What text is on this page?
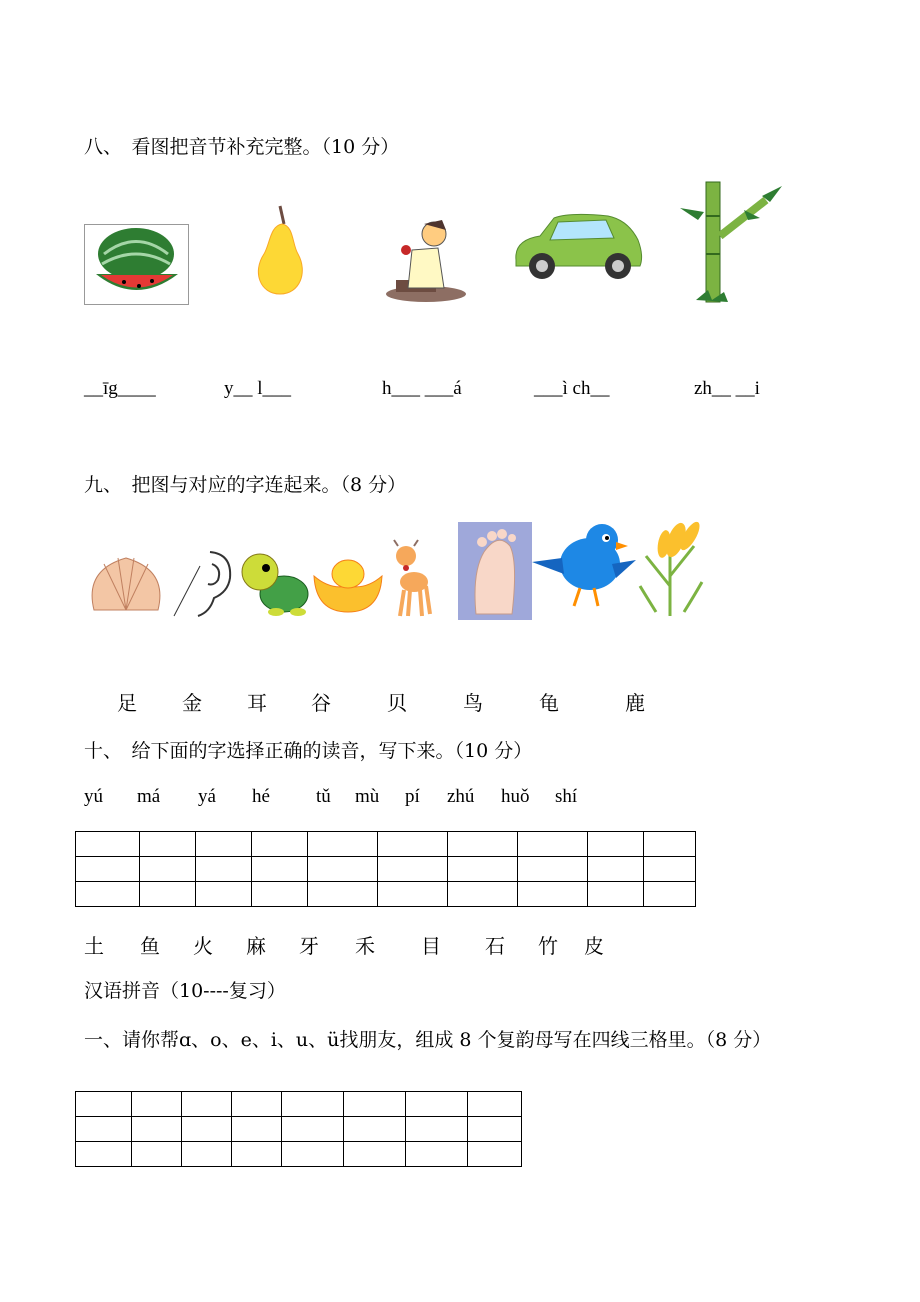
八、　看图把音节补充完整。（10 分）
__īg____	y__ l___	h___ ___á	___ì ch__	zh__ __i
九、　把图与对应的字连起来。（8 分）
足 金 耳 谷	贝	鸟	龟	鹿
十、　给下面的字选择正确的读音，写下来。（10 分）
yú má yá hé tǔ mù pí zhú huǒ shí

土 鱼 火 麻 牙 禾 目 石 竹 皮
汉语拼音（10----复习）
一、请你帮ɑ、o、e、i、u、ü找朋友，组成 8 个复韵母写在四线三格里。（8 分）
